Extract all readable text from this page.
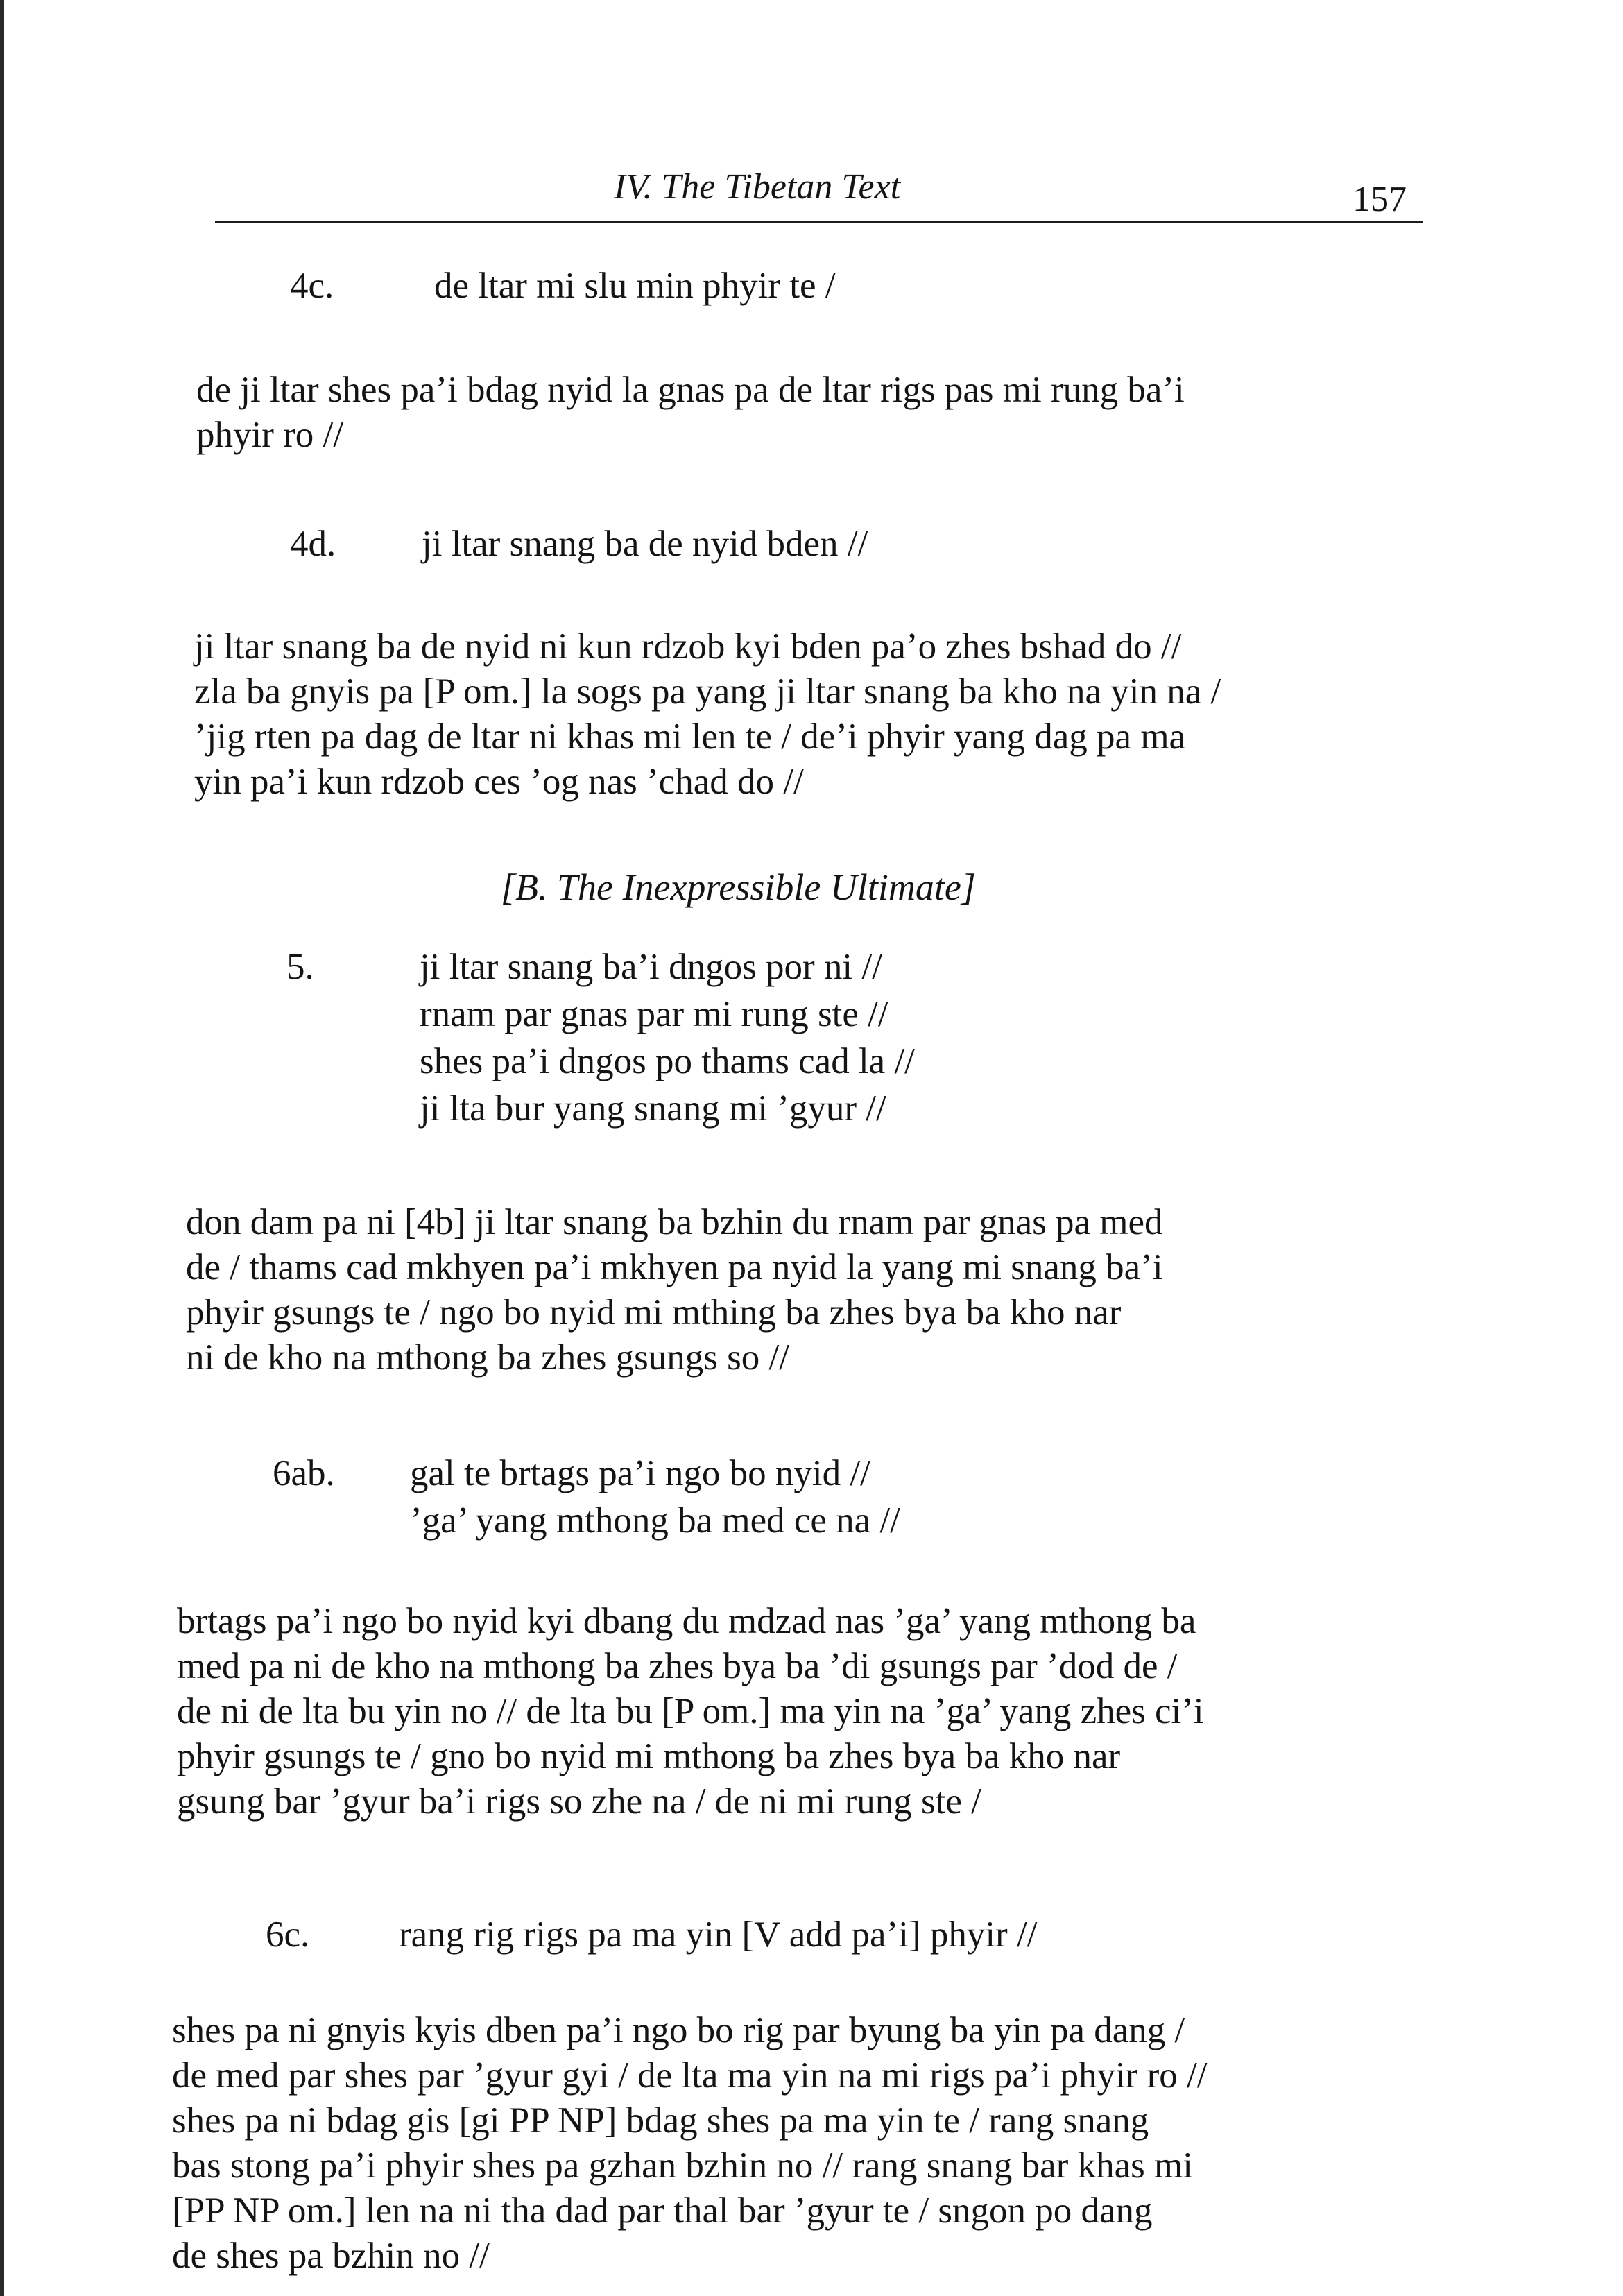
IV. The Tibetan Text	157
4c.	de ltar mi slu min phyir te /
de ji ltar shes pa’i bdag nyid la gnas pa de ltar rigs pas mi rung ba’i
phyir ro //
4d. ji ltar snang ba de nyid bden //
ji ltar snang ba de nyid ni kun rdzob kyi bden pa’o zhes bshad do //
zla ba gnyis pa [P om.] la sogs pa yang ji ltar snang ba kho na yin na /
’jig rten pa dag de ltar ni khas mi len te / de’i phyir yang dag pa ma
yin pa’i kun rdzob ces ’og nas ’chad do //
[B. The Inexpressible Ultimate]
5.	ji ltar snang ba’i dngos por ni //
rnam par gnas par mi rung ste //
shes pa’i dngos po thams cad la //
ji lta bur yang snang mi ’gyur //
don dam pa ni [4b] ji ltar snang ba bzhin du rnam par gnas pa med
de / thams cad mkhyen pa’i mkhyen pa nyid la yang mi snang ba’i
phyir gsungs te / ngo bo nyid mi mthing ba zhes bya ba kho nar
ni de kho na mthong ba zhes gsungs so //
6ab. gal te brtags pa’i ngo bo nyid //
’ga’ yang mthong ba med ce na //
brtags pa’i ngo bo nyid kyi dbang du mdzad nas ’ga’ yang mthong ba
med pa ni de kho na mthong ba zhes bya ba ’di gsungs par ’dod de /
de ni de lta bu yin no // de lta bu [P om.] ma yin na ’ga’ yang zhes ci’i
phyir gsungs te / gno bo nyid mi mthong ba zhes bya ba kho nar
gsung bar ’gyur ba’i rigs so zhe na / de ni mi rung ste /
6c. rang rig rigs pa ma yin [V add pa’i] phyir //
shes pa ni gnyis kyis dben pa’i ngo bo rig par byung ba yin pa dang /
de med par shes par ’gyur gyi / de lta ma yin na mi rigs pa’i phyir ro //
shes pa ni bdag gis [gi PP NP] bdag shes pa ma yin te / rang snang
bas stong pa’i phyir shes pa gzhan bzhin no // rang snang bar khas mi
[PP NP om.] len na ni tha dad par thal bar ’gyur te / sngon po dang
de shes pa bzhin no //
